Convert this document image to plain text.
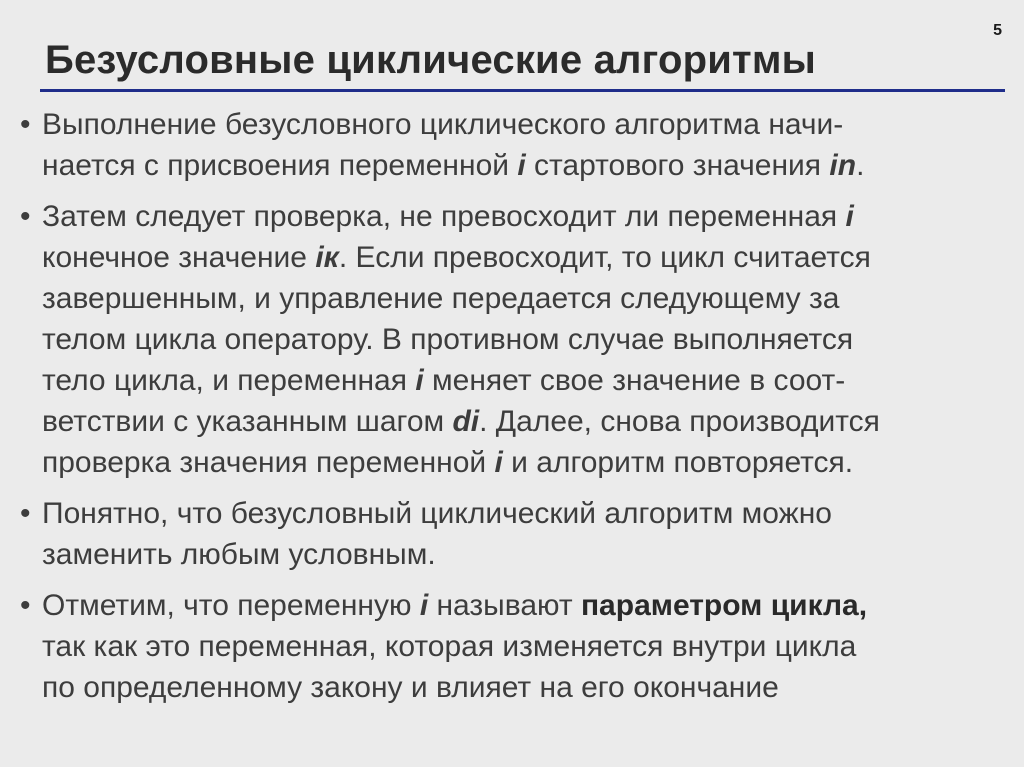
5
Безусловные циклические алгоритмы
• Выполнение безусловного циклического алгоритма начи-
нается с присвоения переменной i стартового значения in.
• Затем следует проверка, не превосходит ли переменная i
конечное значение iк. Если превосходит, то цикл считается
завершенным, и управление передается следующему за
телом цикла оператору. В противном случае выполняется
тело цикла, и переменная i меняет свое значение в соот-
ветствии с указанным шагом di. Далее, снова производится
проверка значения переменной i и алгоритм повторяется.
• Понятно, что безусловный циклический алгоритм можно
заменить любым условным.
• Отметим, что переменную i называют параметром цикла,
так как это переменная, которая изменяется внутри цикла
по определенному закону и влияет на его окончание
